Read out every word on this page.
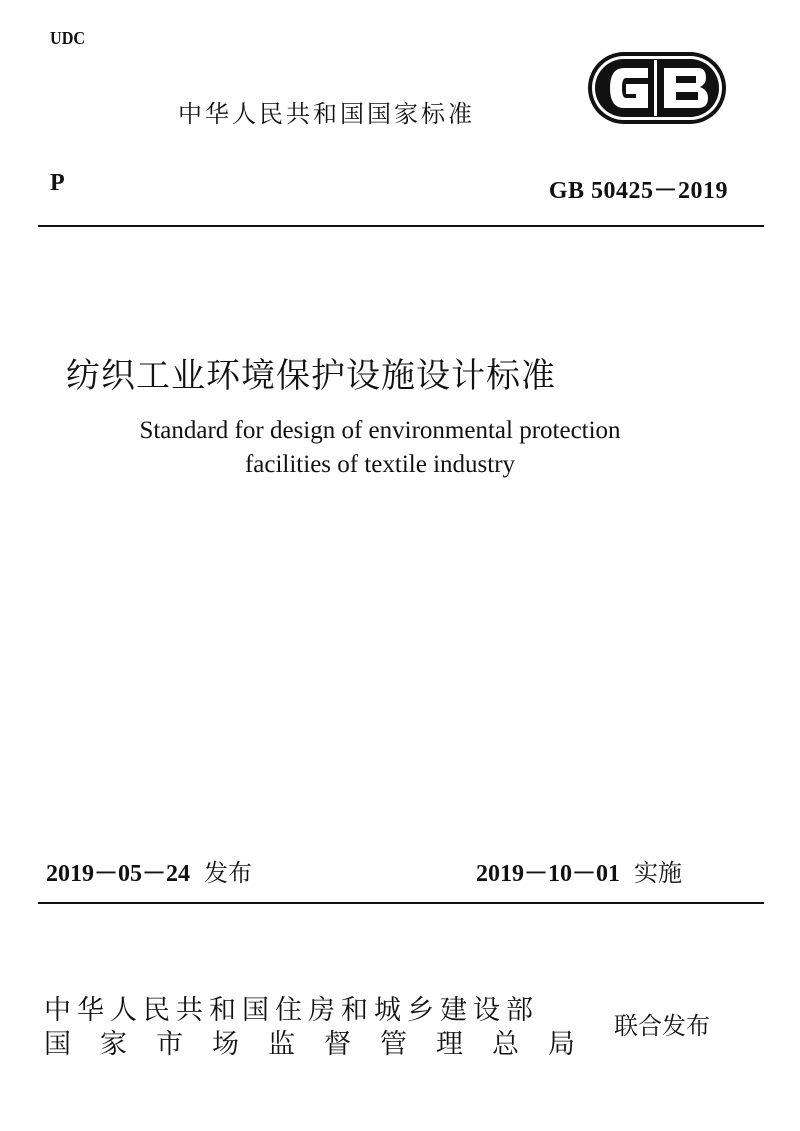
UDC
中华人民共和国国家标准
P	GB 50425－2019
纺织工业环境保护设施设计标准
Standard for design of environmental protection
facilities of textile industry
2019－05－24 发布	2019－10－01 实施
中华人民共和国住房和城乡建设部
国家市场监督管理总局
联合发布
